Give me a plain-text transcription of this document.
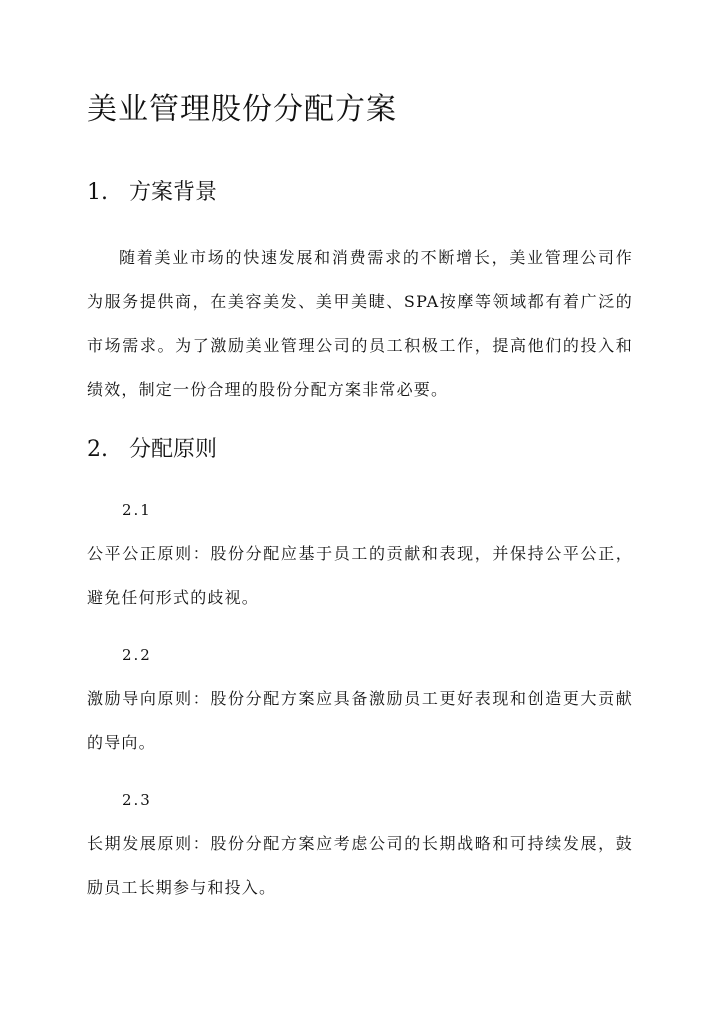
美业管理股份分配方案
1. 方案背景

随着美业市场的快速发展和消费需求的不断增长，美业管理公司作为服务提供商，在美容美发、美甲美睫、SPA按摩等领域都有着广泛的市场需求。为了激励美业管理公司的员工积极工作，提高他们的投入和绩效，制定一份合理的股份分配方案非常必要。

2. 分配原则

2.1

公平公正原则：股份分配应基于员工的贡献和表现，并保持公平公正，避免任何形式的歧视。

2.2

激励导向原则：股份分配方案应具备激励员工更好表现和创造更大贡献的导向。

2.3

长期发展原则：股份分配方案应考虑公司的长期战略和可持续发展，鼓励员工长期参与和投入。
